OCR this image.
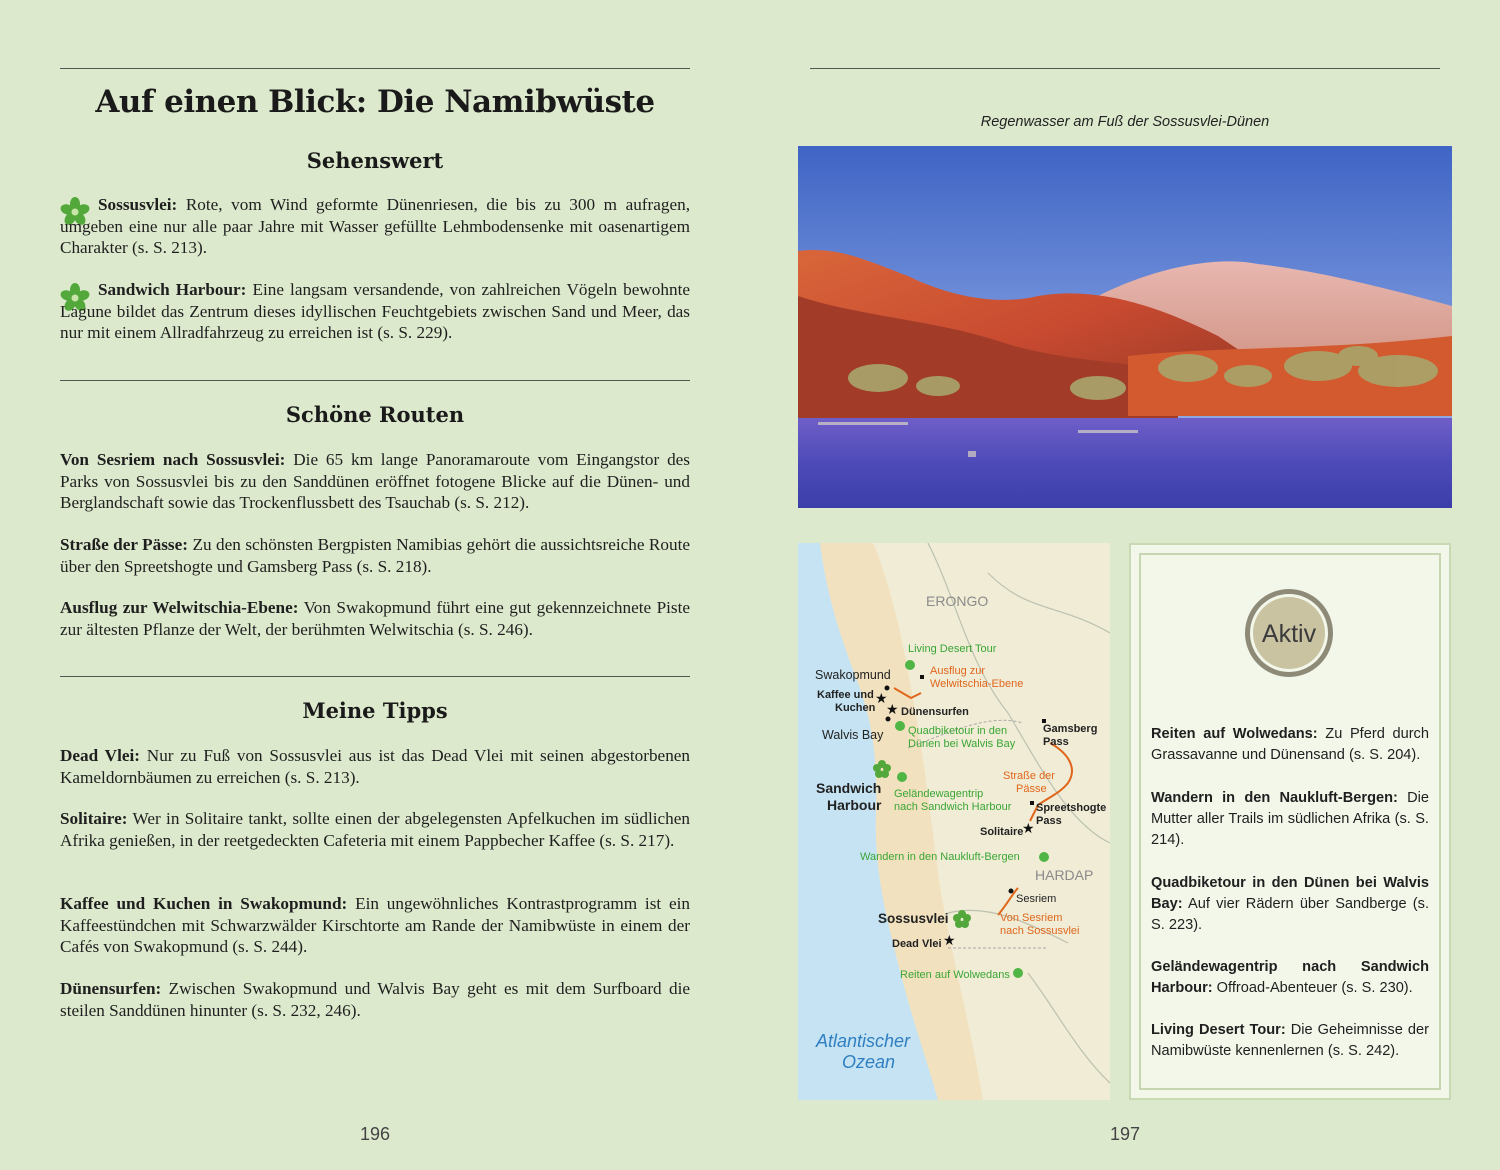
Auf einen Blick: Die Namibwüste
Sehenswert
Sossusvlei: Rote, vom Wind geformte Dünenriesen, die bis zu 300 m aufragen, umgeben eine nur alle paar Jahre mit Wasser gefüllte Lehmbodensenke mit oasenartigem Charakter (s. S. 213).
Sandwich Harbour: Eine langsam versandende, von zahlreichen Vögeln bewohnte Lagune bildet das Zentrum dieses idyllischen Feuchtgebiets zwischen Sand und Meer, das nur mit einem Allradfahrzeug zu erreichen ist (s. S. 229).
Schöne Routen
Von Sesriem nach Sossusvlei: Die 65 km lange Panoramaroute vom Eingangstor des Parks von Sossusvlei bis zu den Sanddünen eröffnet fotogene Blicke auf die Dünen- und Berglandschaft sowie das Trockenflussbett des Tsauchab (s. S. 212).
Straße der Pässe: Zu den schönsten Bergpisten Namibias gehört die aussichtsreiche Route über den Spreetshogte und Gamsberg Pass (s. S. 218).
Ausflug zur Welwitschia-Ebene: Von Swakopmund führt eine gut gekennzeichnete Piste zur ältesten Pflanze der Welt, der berühmten Welwitschia (s. S. 246).
Meine Tipps
Dead Vlei: Nur zu Fuß von Sossusvlei aus ist das Dead Vlei mit seinen abgestorbenen Kameldornbäumen zu erreichen (s. S. 213).
Solitaire: Wer in Solitaire tankt, sollte einen der abgelegensten Apfelkuchen im südlichen Afrika genießen, in der reetgedeckten Cafeteria mit einem Pappbecher Kaffee (s. S. 217).
Kaffee und Kuchen in Swakopmund: Ein ungewöhnliches Kontrastprogramm ist ein Kaffeestündchen mit Schwarzwälder Kirschtorte am Rande der Namibwüste in einem der Cafés von Swakopmund (s. S. 244).
Dünensurfen: Zwischen Swakopmund und Walvis Bay geht es mit dem Surfboard die steilen Sanddünen hinunter (s. S. 232, 246).
196
Regenwasser am Fuß der Sossusvlei-Dünen
ERONGO
HARDAP
Atlantischer
Ozean
Swakopmund
Kaffee und
Kuchen Dünensurfen
Walvis Bay
Sandwich
Harbour
Gamsberg
Pass
Spreetshogte
Pass
Solitaire
Sesriem
Sossusvlei
Dead Vlei
Living Desert Tour
Quadbiketour in den
Dünen bei Walvis Bay
Geländewagentrip
nach Sandwich Harbour
Wandern in den Naukluft-Bergen
Reiten auf Wolwedans
Ausflug zur
Welwitschia-Ebene
Straße der
Pässe
Von Sesriem
nach Sossusvlei
★
★
★
★
Aktiv
Reiten auf Wolwedans: Zu Pferd durch Grassavanne und Dünensand (s. S. 204).
Wandern in den Naukluft-Bergen: Die Mutter aller Trails im südlichen Afrika (s. S. 214).
Quadbiketour in den Dünen bei Walvis Bay: Auf vier Rädern über Sandberge (s. S. 223).
Geländewagentrip nach Sandwich Harbour: Offroad-Abenteuer (s. S. 230).
Living Desert Tour: Die Geheimnisse der Namibwüste kennenlernen (s. S. 242).
197
